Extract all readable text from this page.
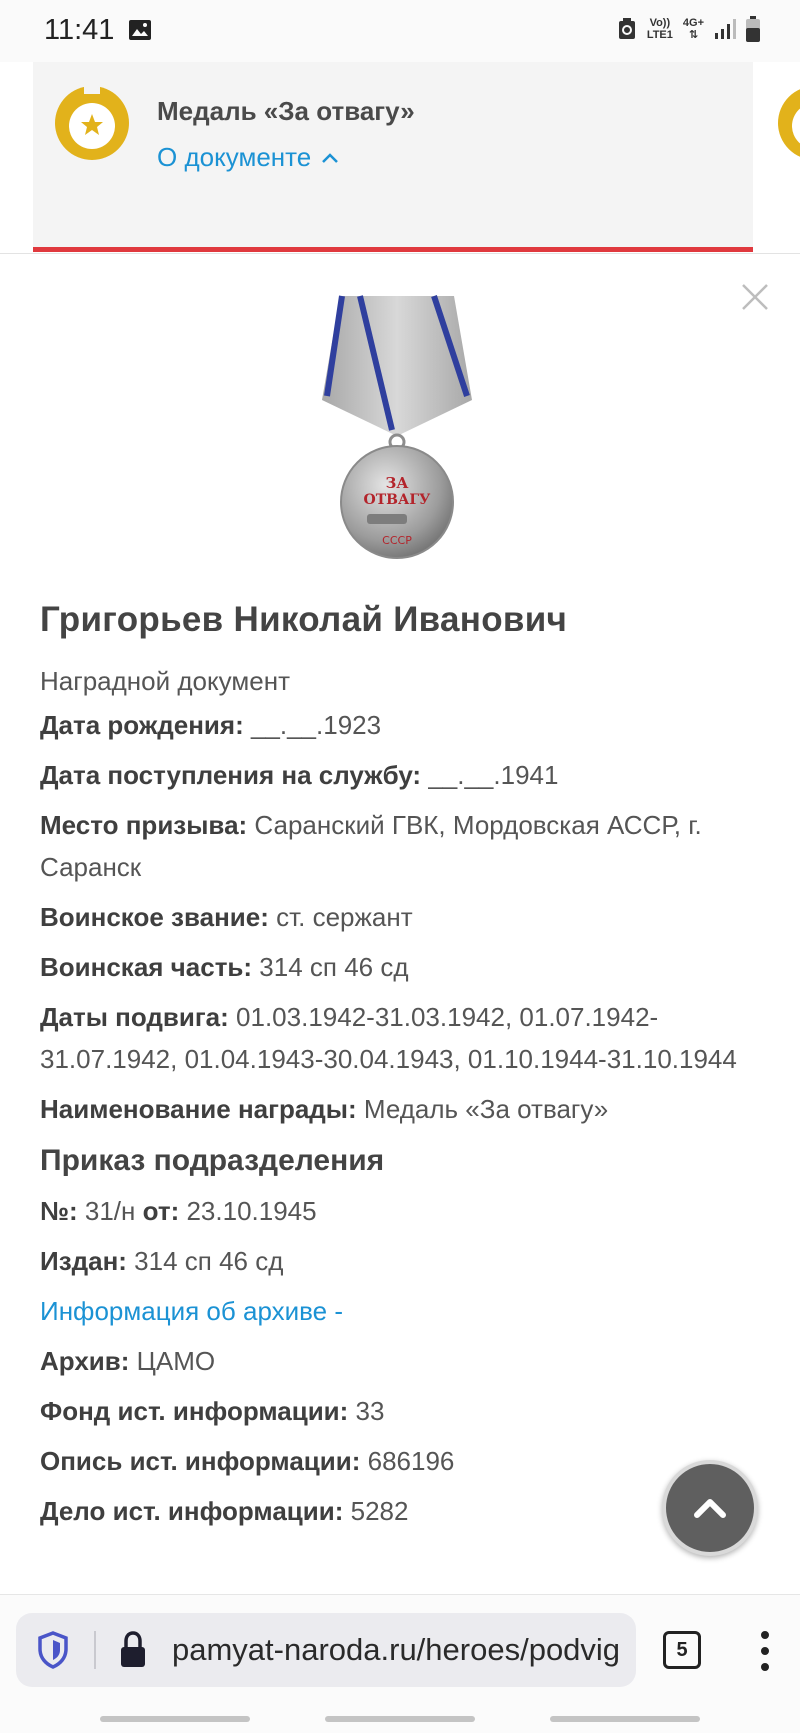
11:41	Vo))
LTE1
4G+
⇅
Медаль «За отвагу»
О документе
ЗА
ОТВАГУ
СССР
Григорьев Николай Иванович
Наградной документ
Дата рождения: __.__.1923
Дата поступления на службу: __.__.1941
Место призыва: Саранский ГВК, Мордовская АССР, г. Саранск
Воинское звание: ст. сержант
Воинская часть: 314 сп 46 сд
Даты подвига: 01.03.1942-31.03.1942, 01.07.1942-31.07.1942, 01.04.1943-30.04.1943, 01.10.1944-31.10.1944
Наименование награды: Медаль «За отвагу»
Приказ подразделения
№: 31/н от: 23.10.1945
Издан: 314 сп 46 сд
Информация об архиве -
Архив: ЦАМО
Фонд ист. информации: 33
Опись ист. информации: 686196
Дело ист. информации: 5282
pamyat-naroda.ru/heroes/podvig	5
